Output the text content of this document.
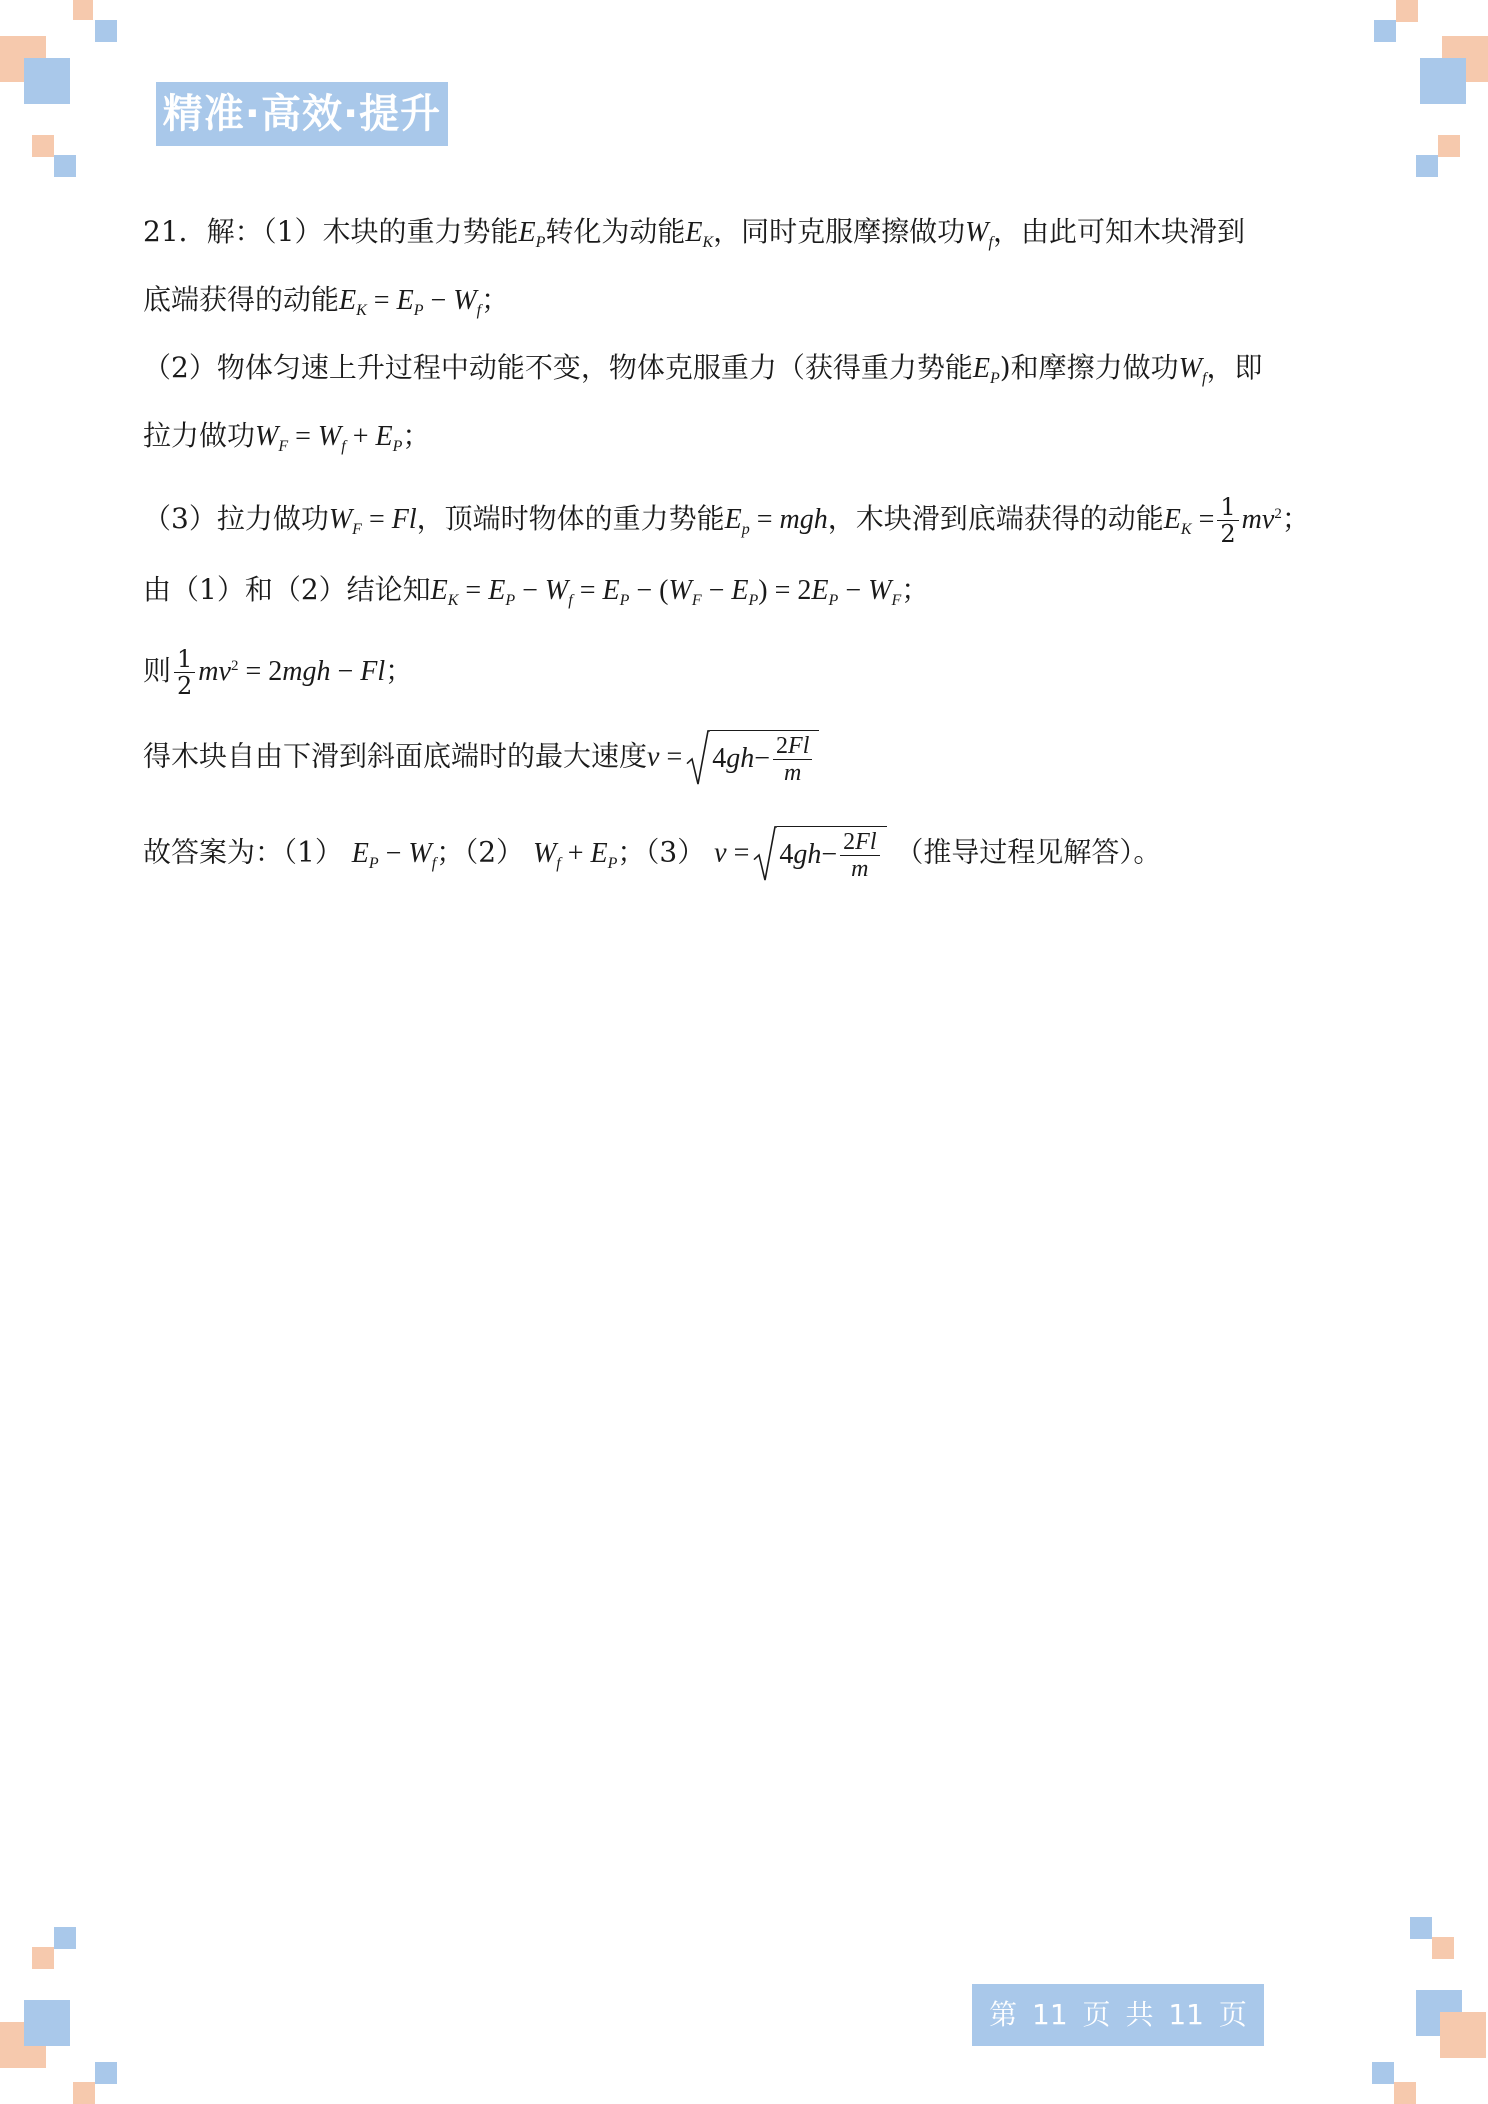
精准·高效·提升
21．解：（1）木块的重力势能$E_P$转化为动能$E_K$，同时克服摩擦做功$W_f$，由此可知木块滑到
底端获得的动能$E_K = E_P - W_f$；
（2）物体匀速上升过程中动能不变，物体克服重力（获得重力势能$E_P$)和摩擦力做功$W_f$，即
拉力做功$W_F = W_f + E_P$；
（3）拉力做功$W_F = Fl$，顶端时物体的重力势能$E_p$ = mgh，木块滑到底端获得的动能$E_K = \frac{1}{2} mv^2$；
由（1）和（2）结论知$E_K = E_P - W_f = E_P - (W_F - E_P) = 2E_P - W_F$；
则 $\frac{1}{2} mv^2 = 2mgh - Fl$；
得木块自由下滑到斜面底端时的最大速度$v = 4gh- \frac{2Fl}{m}$
故答案为：（1） $E_P - W_f$；（2） $W_f + E_P$；（3） $v = 4gh- \frac{2Fl}{m}$ （推导过程见解答）。
第 11 页 共 11 页
